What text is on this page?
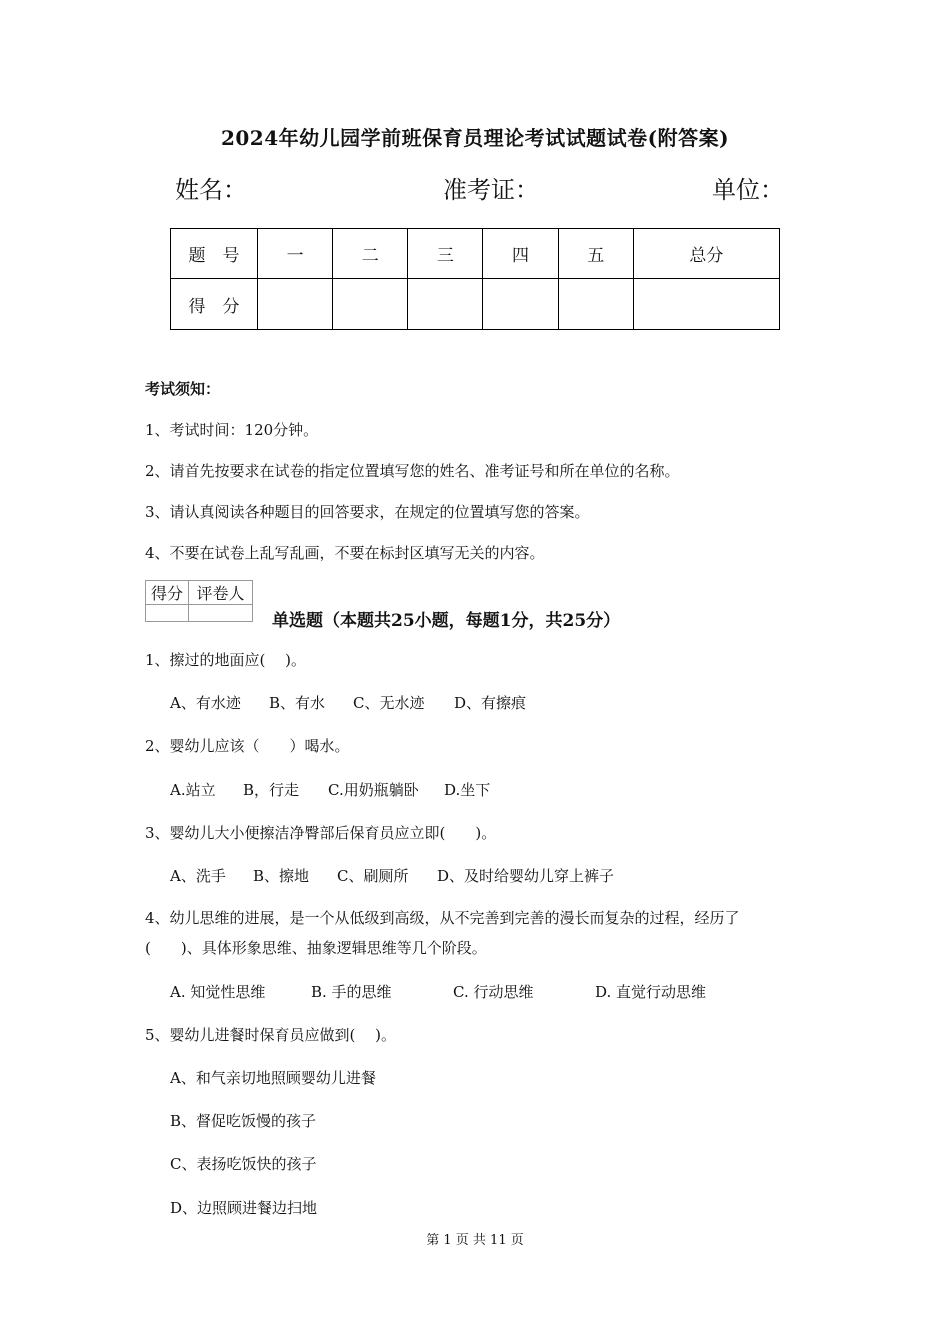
2024年幼儿园学前班保育员理论考试试题试卷(附答案)
姓名：	准考证：	单位：
题　号	一	二	三	四	五	总分
得　分						
考试须知：
1、考试时间：120分钟。
2、请首先按要求在试卷的指定位置填写您的姓名、准考证号和所在单位的名称。
3、请认真阅读各种题目的回答要求，在规定的位置填写您的答案。
4、不要在试卷上乱写乱画，不要在标封区填写无关的内容。
得分	评卷人

单选题（本题共25小题，每题1分，共25分）
1、擦过的地面应(　 )。
A、有水迹 B、有水 C、无水迹 D、有擦痕
2、婴幼儿应该（　　）喝水。
A.站立 B，行走 C.用奶瓶躺卧 D.坐下
3、婴幼儿大小便擦洁净臀部后保育员应立即(　　)。
A、洗手 B、擦地 C、刷厕所 D、及时给婴幼儿穿上裤子
4、幼儿思维的进展，是一个从低级到高级，从不完善到完善的漫长而复杂的过程，经历了
(　　)、具体形象思维、抽象逻辑思维等几个阶段。
A. 知觉性思维	B. 手的思维	C. 行动思维	D. 直觉行动思维
5、婴幼儿进餐时保育员应做到(　 )。
A、和气亲切地照顾婴幼儿进餐
B、督促吃饭慢的孩子
C、表扬吃饭快的孩子
D、边照顾进餐边扫地
第 1 页 共 11 页
